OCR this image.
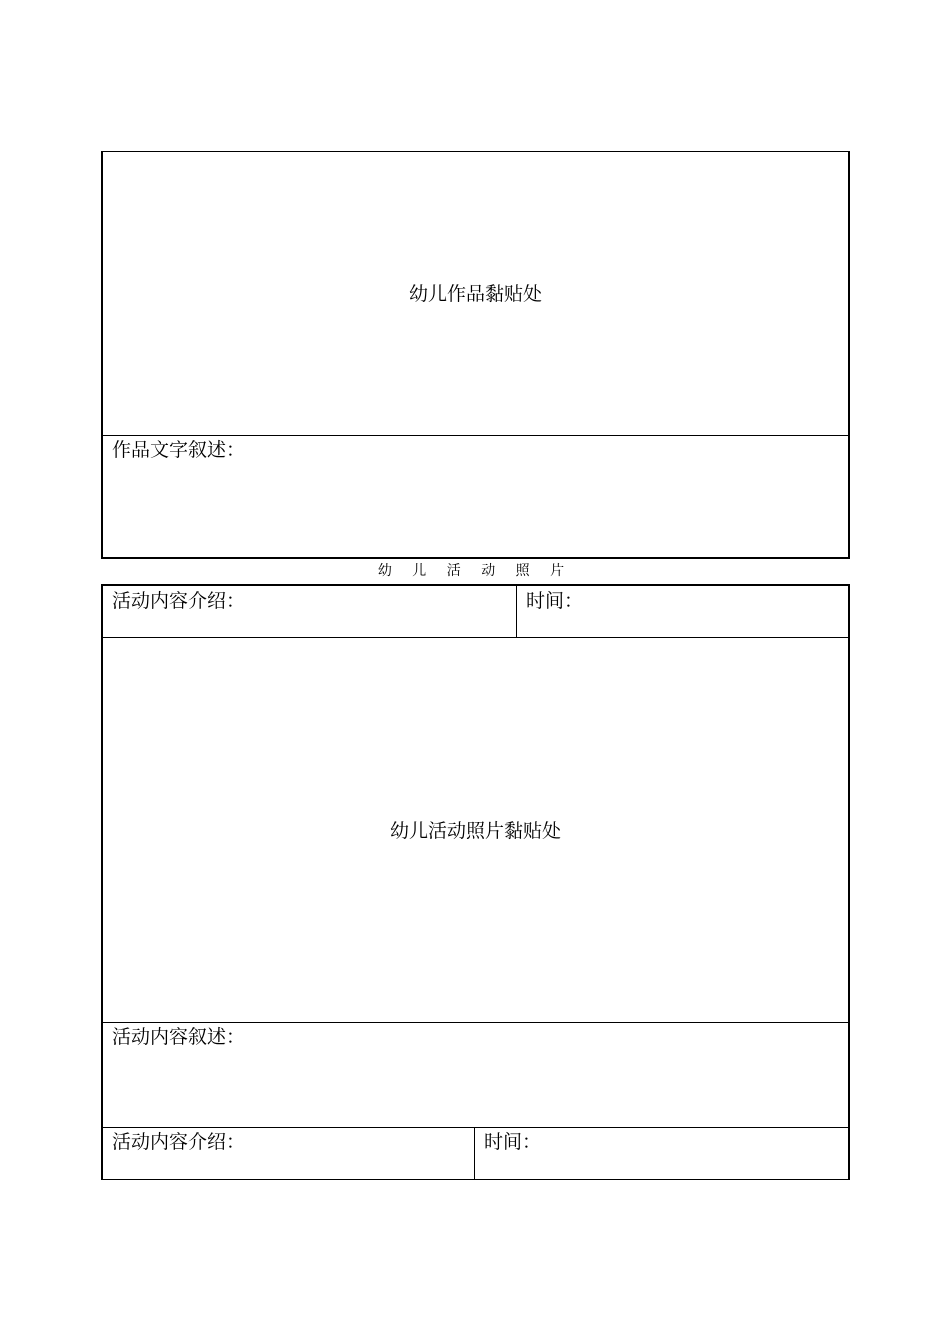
幼儿作品黏贴处
作品文字叙述：
幼 儿 活 动 照 片
活动内容介绍：	时间：
幼儿活动照片黏贴处
活动内容叙述：
活动内容介绍：	时间：
